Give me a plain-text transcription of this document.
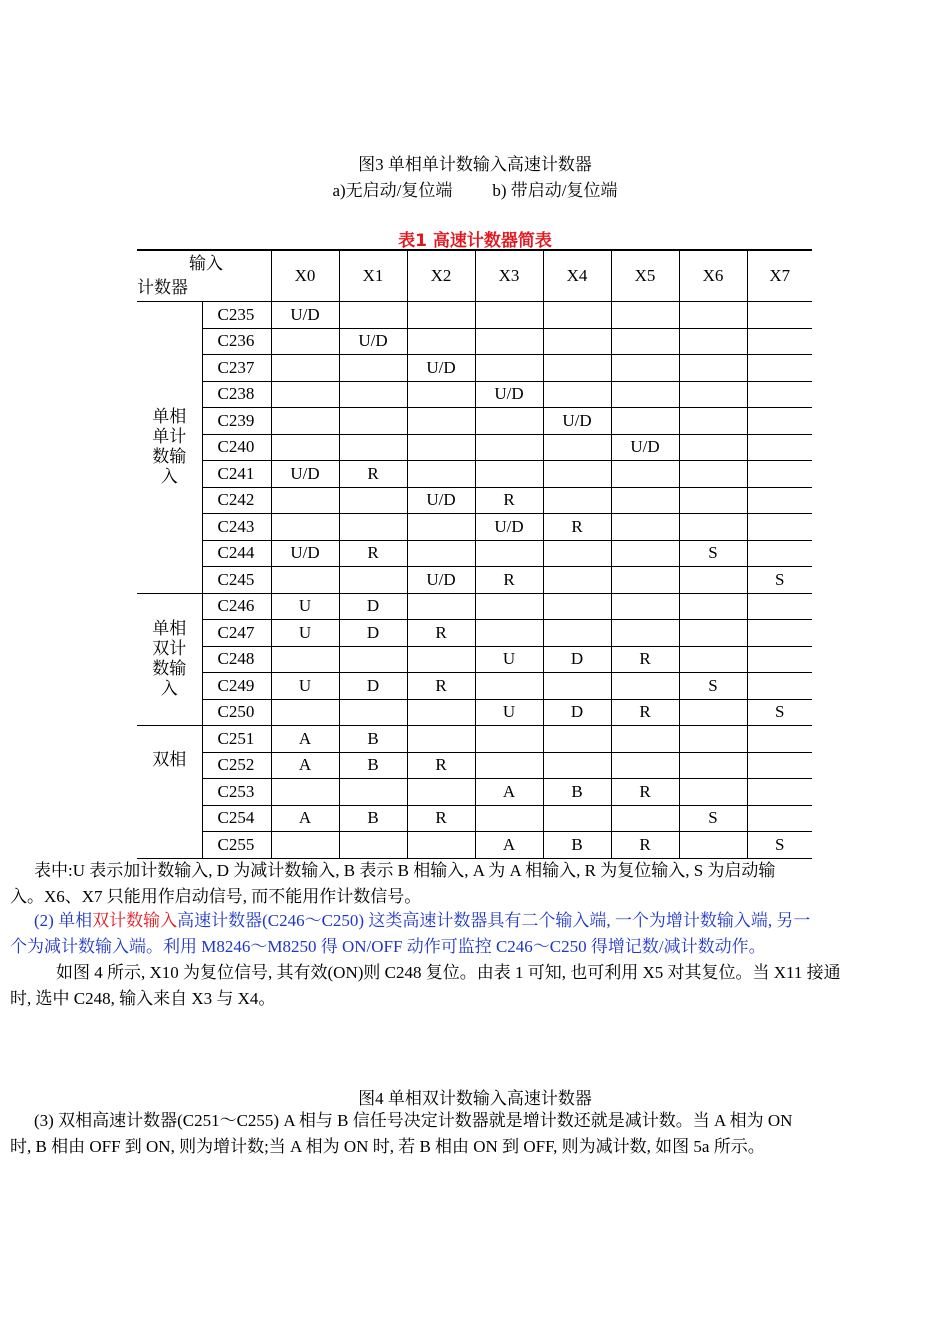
图3 单相单计数输入高速计数器
a)无启动/复位端 b) 带启动/复位端
表1 高速计数器简表
输入
计数器		X0	X1	X2	X3	X4	X5	X6	X7

单相单计数输入	C235	U/D							
	C236		U/D						
	C237			U/D					
	C238				U/D				
	C239					U/D			
	C240						U/D		
	C241	U/D	R						
	C242			U/D	R				
	C243				U/D	R			
	C244	U/D	R					S	
	C245			U/D	R				S

单相双计数输入	C246	U	D						
	C247	U	D	R					
	C248				U	D	R		
	C249	U	D	R				S	
	C250				U	D	R		S

双相	C251	A	B						
	C252	A	B	R					
	C253				A	B	R		
	C254	A	B	R				S	
	C255				A	B	R		S
表中:U 表示加计数输入, D 为减计数输入, B 表示 B 相输入, A 为 A 相输入, R 为复位输入, S 为启动输
入。X6、X7 只能用作启动信号, 而不能用作计数信号。
(2) 单相双计数输入高速计数器(C246～C250) 这类高速计数器具有二个输入端, 一个为增计数输入端, 另一
个为减计数输入端。利用 M8246～M8250 得 ON/OFF 动作可监控 C246～C250 得增记数/减计数动作。
如图 4 所示, X10 为复位信号, 其有效(ON)则 C248 复位。由表 1 可知, 也可利用 X5 对其复位。当 X11 接通
时, 选中 C248, 输入来自 X3 与 X4。
图4 单相双计数输入高速计数器
(3) 双相高速计数器(C251～C255) A 相与 B 信任号决定计数器就是增计数还就是减计数。当 A 相为 ON
时, B 相由 OFF 到 ON, 则为增计数;当 A 相为 ON 时, 若 B 相由 ON 到 OFF, 则为减计数, 如图 5a 所示。
